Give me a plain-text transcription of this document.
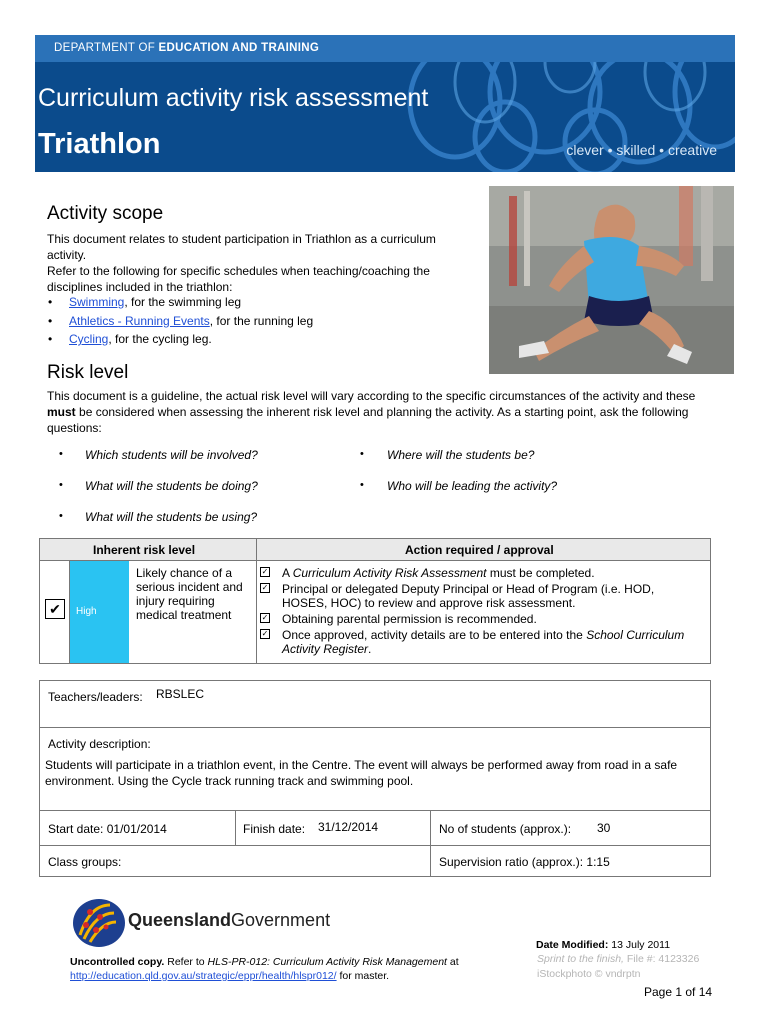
DEPARTMENT OF EDUCATION AND TRAINING
Curriculum activity risk assessment
Triathlon	clever • skilled • creative
Activity scope
This document relates to student participation in Triathlon as a curriculum activity.
Refer to the following for specific schedules when teaching/coaching the disciplines included in the triathlon:
• Swimming, for the swimming leg
• Athletics - Running Events, for the running leg
• Cycling, for the cycling leg.
Risk level
This document is a guideline, the actual risk level will vary according to the specific circumstances of the activity and these must be considered when assessing the inherent risk level and planning the activity. As a starting point, ask the following questions:
• Which students will be involved?	• Where will the students be?
• What will the students be doing?	• Who will be leading the activity?
• What will the students be using?
Inherent risk level	Action required / approval
✔	High
Likely chance of a serious incident and injury requiring medical treatment
✓ A Curriculum Activity Risk Assessment must be completed.
✓ Principal or delegated Deputy Principal or Head of Program (i.e. HOD, HOSES, HOC) to review and approve risk assessment.
✓ Obtaining parental permission is recommended.
✓ Once approved, activity details are to be entered into the School Curriculum Activity Register.
Teachers/leaders: RBSLEC
Activity description:
Students will participate in a triathlon event, in the Centre. The event will always be performed away from road in a safe environment. Using the Cycle track running track and swimming pool.
Start date: 01/01/2014	Finish date: 31/12/2014	No of students (approx.): 30
Class groups:	Supervision ratio (approx.): 1:15
QueenslandGovernment
Uncontrolled copy. Refer to HLS-PR-012: Curriculum Activity Risk Management at
http://education.qld.gov.au/strategic/eppr/health/hlspr012/ for master.
Date Modified: 13 July 2011
Sprint to the finish, File #: 4123326
iStockphoto © vndrptn
Page 1 of 14
